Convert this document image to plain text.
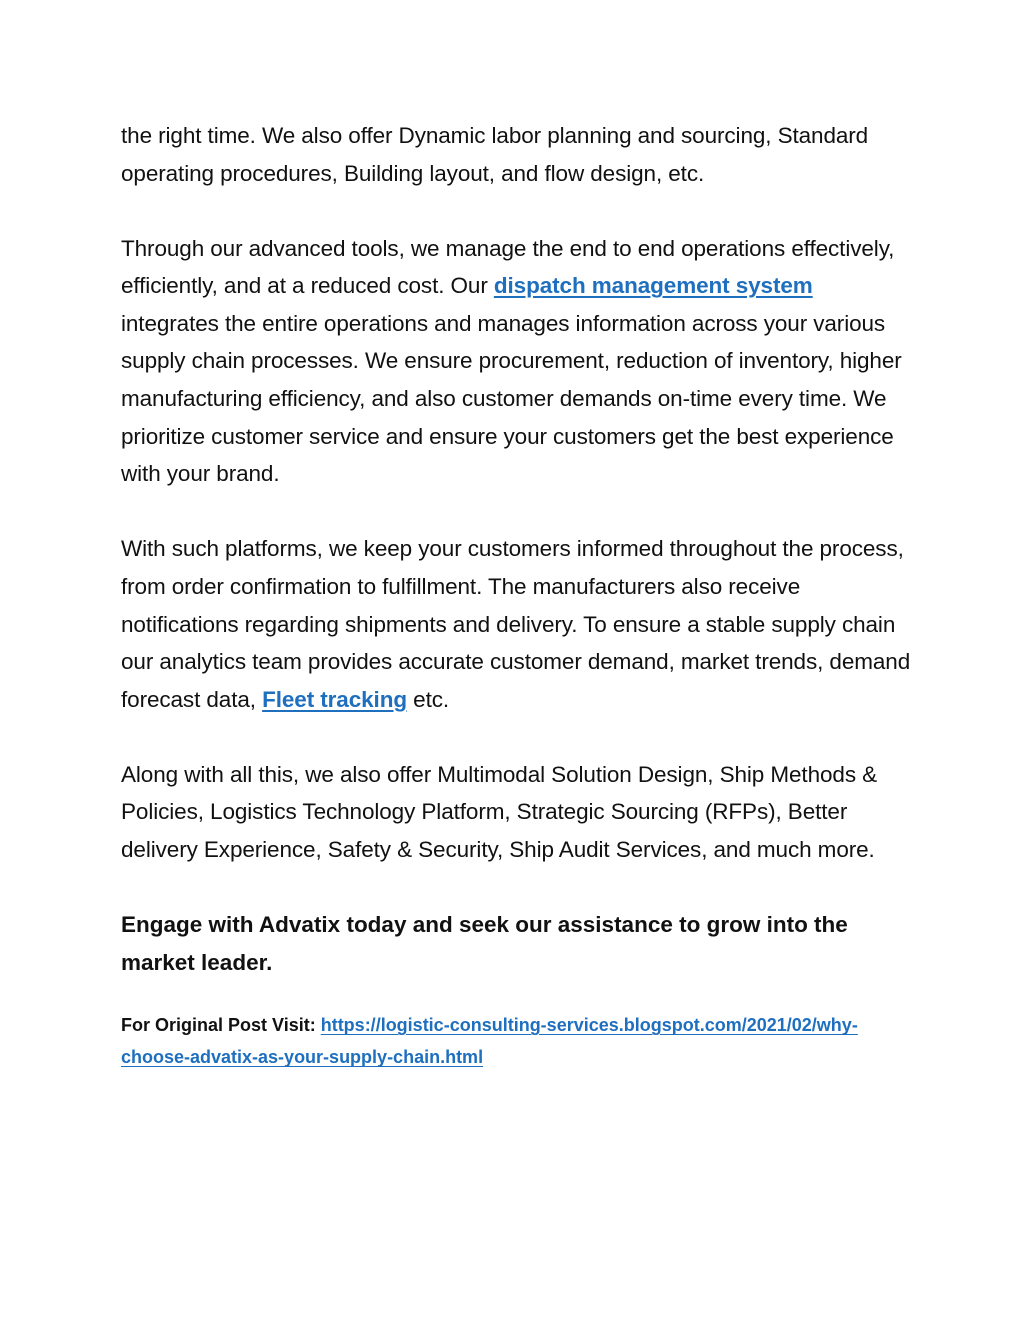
the right time. We also offer Dynamic labor planning and sourcing, Standard operating procedures, Building layout, and flow design, etc.

Through our advanced tools, we manage the end to end operations effectively, efficiently, and at a reduced cost. Our dispatch management system integrates the entire operations and manages information across your various supply chain processes. We ensure procurement, reduction of inventory, higher manufacturing efficiency, and also customer demands on-time every time. We prioritize customer service and ensure your customers get the best experience with your brand.

With such platforms, we keep your customers informed throughout the process, from order confirmation to fulfillment. The manufacturers also receive notifications regarding shipments and delivery. To ensure a stable supply chain our analytics team provides accurate customer demand, market trends, demand forecast data, Fleet tracking etc.

Along with all this, we also offer Multimodal Solution Design, Ship Methods & Policies, Logistics Technology Platform, Strategic Sourcing (RFPs), Better delivery Experience, Safety & Security, Ship Audit Services, and much more.

Engage with Advatix today and seek our assistance to grow into the market leader.

For Original Post Visit: https://logistic-consulting-services.blogspot.com/2021/02/why-choose-advatix-as-your-supply-chain.html
